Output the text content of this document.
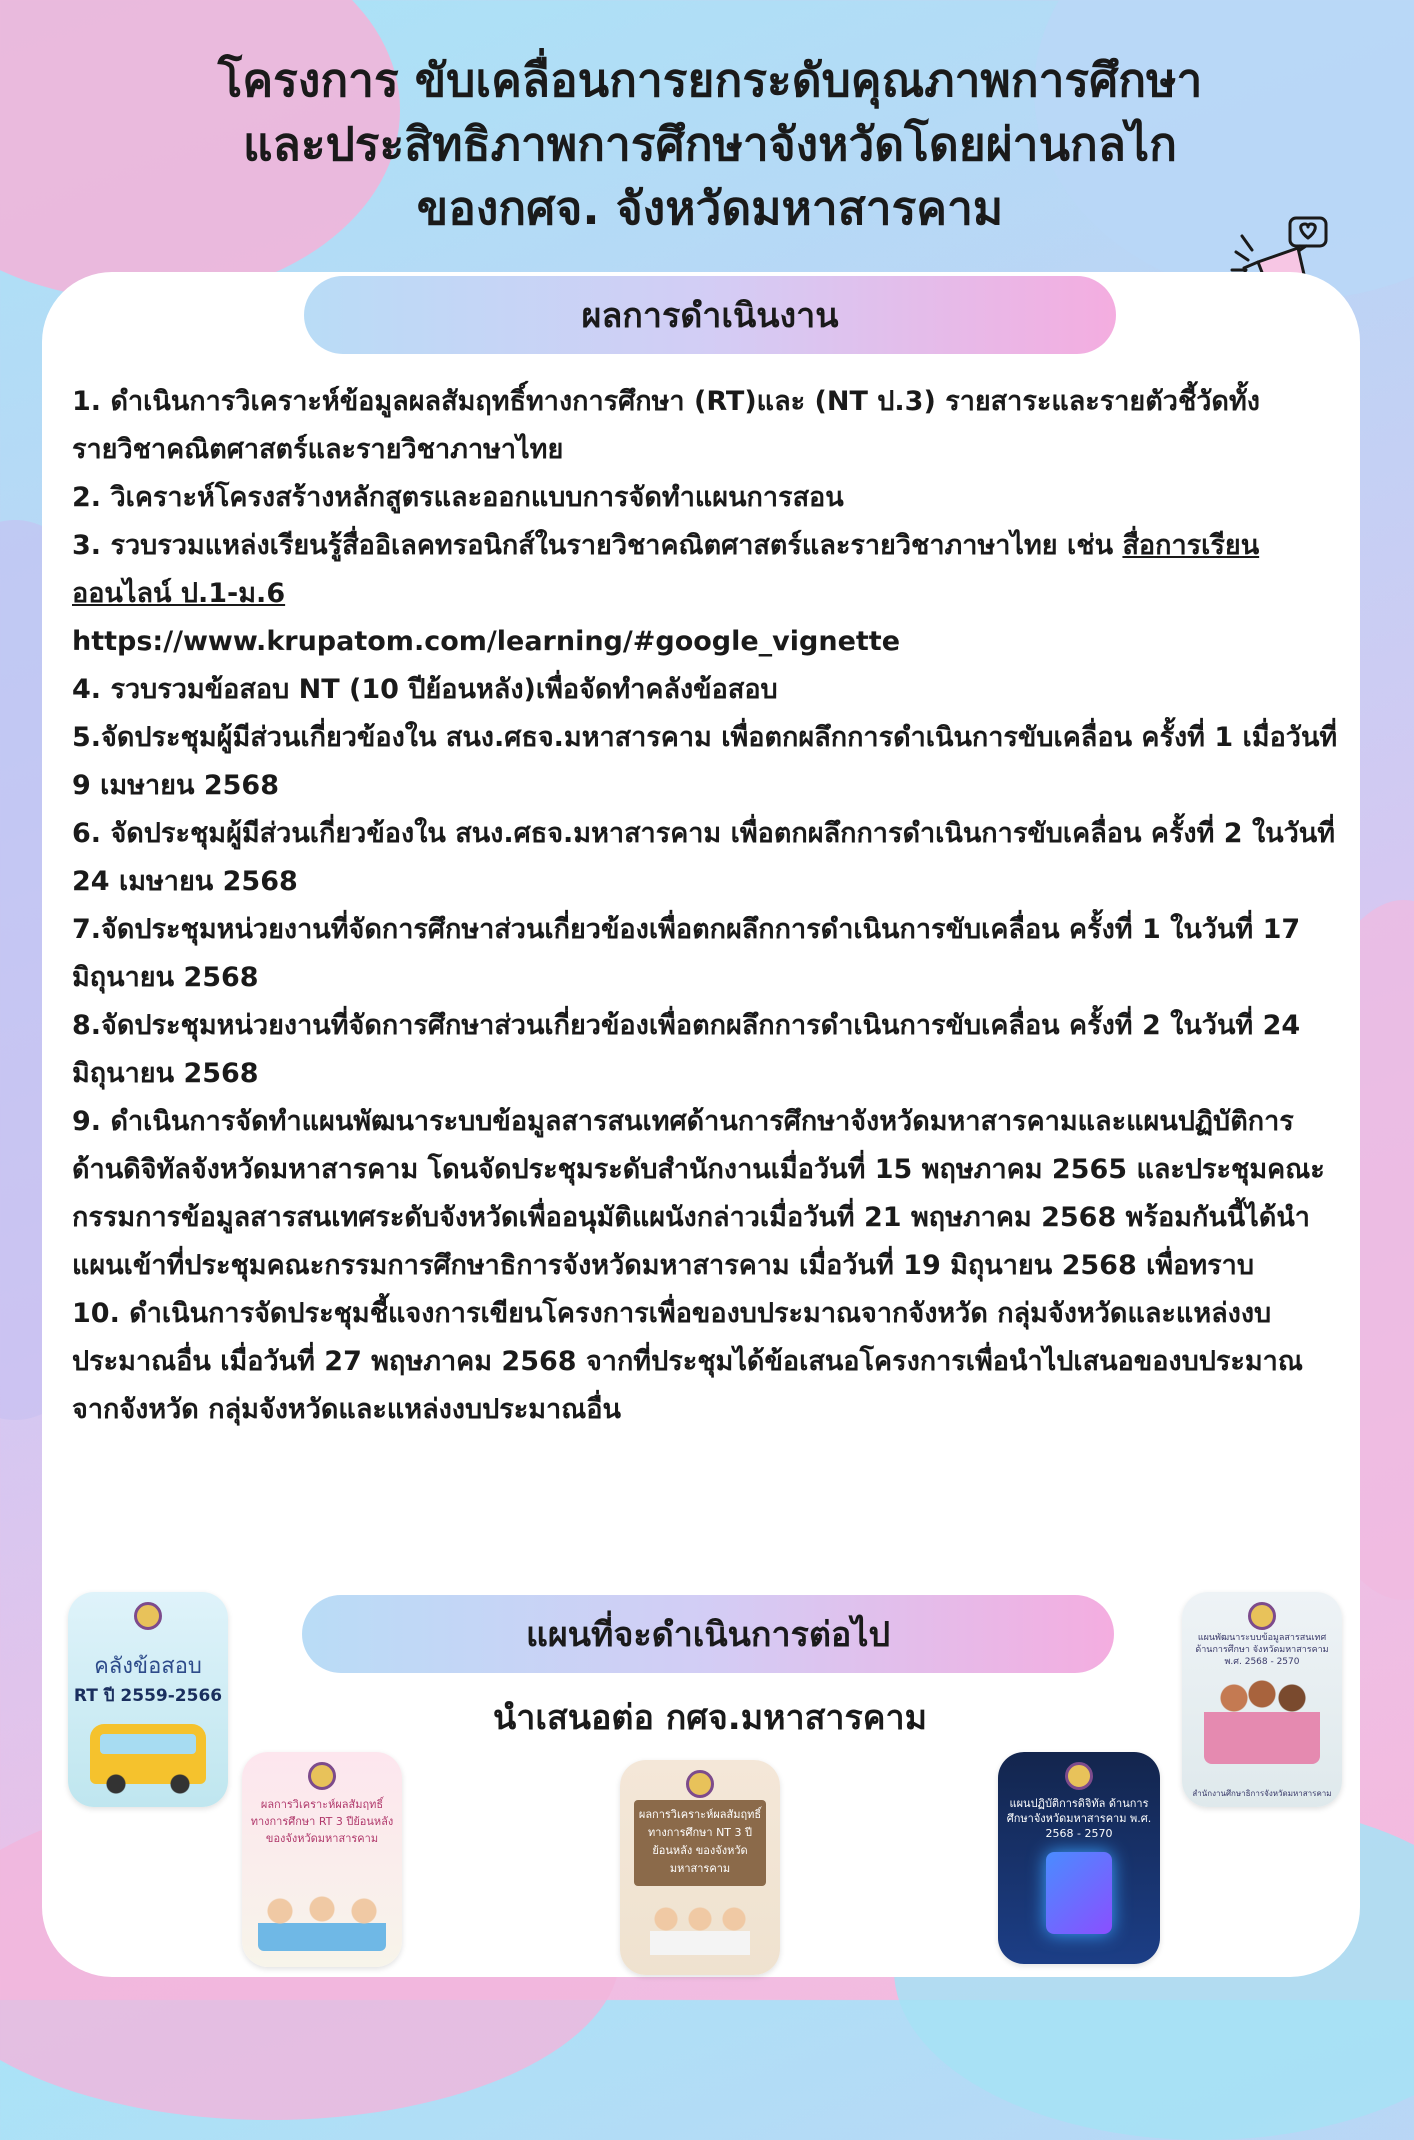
โครงการ ขับเคลื่อนการยกระดับคุณภาพการศึกษา
และประสิทธิภาพการศึกษาจังหวัดโดยผ่านกลไก
ของกศจ. จังหวัดมหาสารคาม
ผลการดำเนินงาน

1. ดำเนินการวิเคราะห์ข้อมูลผลสัมฤทธิ์ทางการศึกษา (RT)และ (NT ป.3) รายสาระและรายตัวชี้วัดทั้งรายวิชาคณิตศาสตร์และรายวิชาภาษาไทย

2. วิเคราะห์โครงสร้างหลักสูตรและออกแบบการจัดทำแผนการสอน

3. รวบรวมแหล่งเรียนรู้สื่ออิเลคทรอนิกส์ในรายวิชาคณิตศาสตร์และรายวิชาภาษาไทย เช่น สื่อการเรียนออนไลน์ ป.1-ม.6

https://www.krupatom.com/learning/#google_vignette

4. รวบรวมข้อสอบ NT (10 ปีย้อนหลัง)เพื่อจัดทำคลังข้อสอบ

5.จัดประชุมผู้มีส่วนเกี่ยวข้องใน สนง.ศธจ.มหาสารคาม เพื่อตกผลึกการดำเนินการขับเคลื่อน ครั้งที่ 1 เมื่อวันที่ 9 เมษายน 2568

6. จัดประชุมผู้มีส่วนเกี่ยวข้องใน สนง.ศธจ.มหาสารคาม เพื่อตกผลึกการดำเนินการขับเคลื่อน ครั้งที่ 2 ในวันที่ 24 เมษายน 2568

7.จัดประชุมหน่วยงานที่จัดการศึกษาส่วนเกี่ยวข้องเพื่อตกผลึกการดำเนินการขับเคลื่อน ครั้งที่ 1 ในวันที่ 17 มิถุนายน 2568

8.จัดประชุมหน่วยงานที่จัดการศึกษาส่วนเกี่ยวข้องเพื่อตกผลึกการดำเนินการขับเคลื่อน ครั้งที่ 2 ในวันที่ 24 มิถุนายน 2568

9. ดำเนินการจัดทำแผนพัฒนาระบบข้อมูลสารสนเทศด้านการศึกษาจังหวัดมหาสารคามและแผนปฏิบัติการด้านดิจิทัลจังหวัดมหาสารคาม โดนจัดประชุมระดับสำนักงานเมื่อวันที่ 15 พฤษภาคม 2565 และประชุมคณะกรรมการข้อมูลสารสนเทศระดับจังหวัดเพื่ออนุมัติแผนังกล่าวเมื่อวันที่ 21 พฤษภาคม 2568 พร้อมกันนี้ได้นำแผนเข้าที่ประชุมคณะกรรมการศึกษาธิการจังหวัดมหาสารคาม เมื่อวันที่ 19 มิถุนายน 2568 เพื่อทราบ

10. ดำเนินการจัดประชุมชี้แจงการเขียนโครงการเพื่อของบประมาณจากจังหวัด กลุ่มจังหวัดและแหล่งงบประมาณอื่น เมื่อวันที่ 27 พฤษภาคม 2568 จากที่ประชุมได้ข้อเสนอโครงการเพื่อนำไปเสนอของบประมาณจากจังหวัด กลุ่มจังหวัดและแหล่งงบประมาณอื่น

แผนที่จะดำเนินการต่อไป
นำเสนอต่อ กศจ.มหาสารคาม
คลังข้อสอบ
RT ปี 2559-2566
ผลการวิเคราะห์ผลสัมฤทธิ์ ทางการศึกษา RT 3 ปีย้อนหลัง ของจังหวัดมหาสารคาม
ผลการวิเคราะห์ผลสัมฤทธิ์ ทางการศึกษา NT 3 ปีย้อนหลัง ของจังหวัดมหาสารคาม
แผนปฏิบัติการดิจิทัล ด้านการศึกษาจังหวัดมหาสารคาม พ.ศ. 2568 - 2570
แผนพัฒนาระบบข้อมูลสารสนเทศด้านการศึกษา จังหวัดมหาสารคาม พ.ศ. 2568 - 2570
สำนักงานศึกษาธิการจังหวัดมหาสารคาม
